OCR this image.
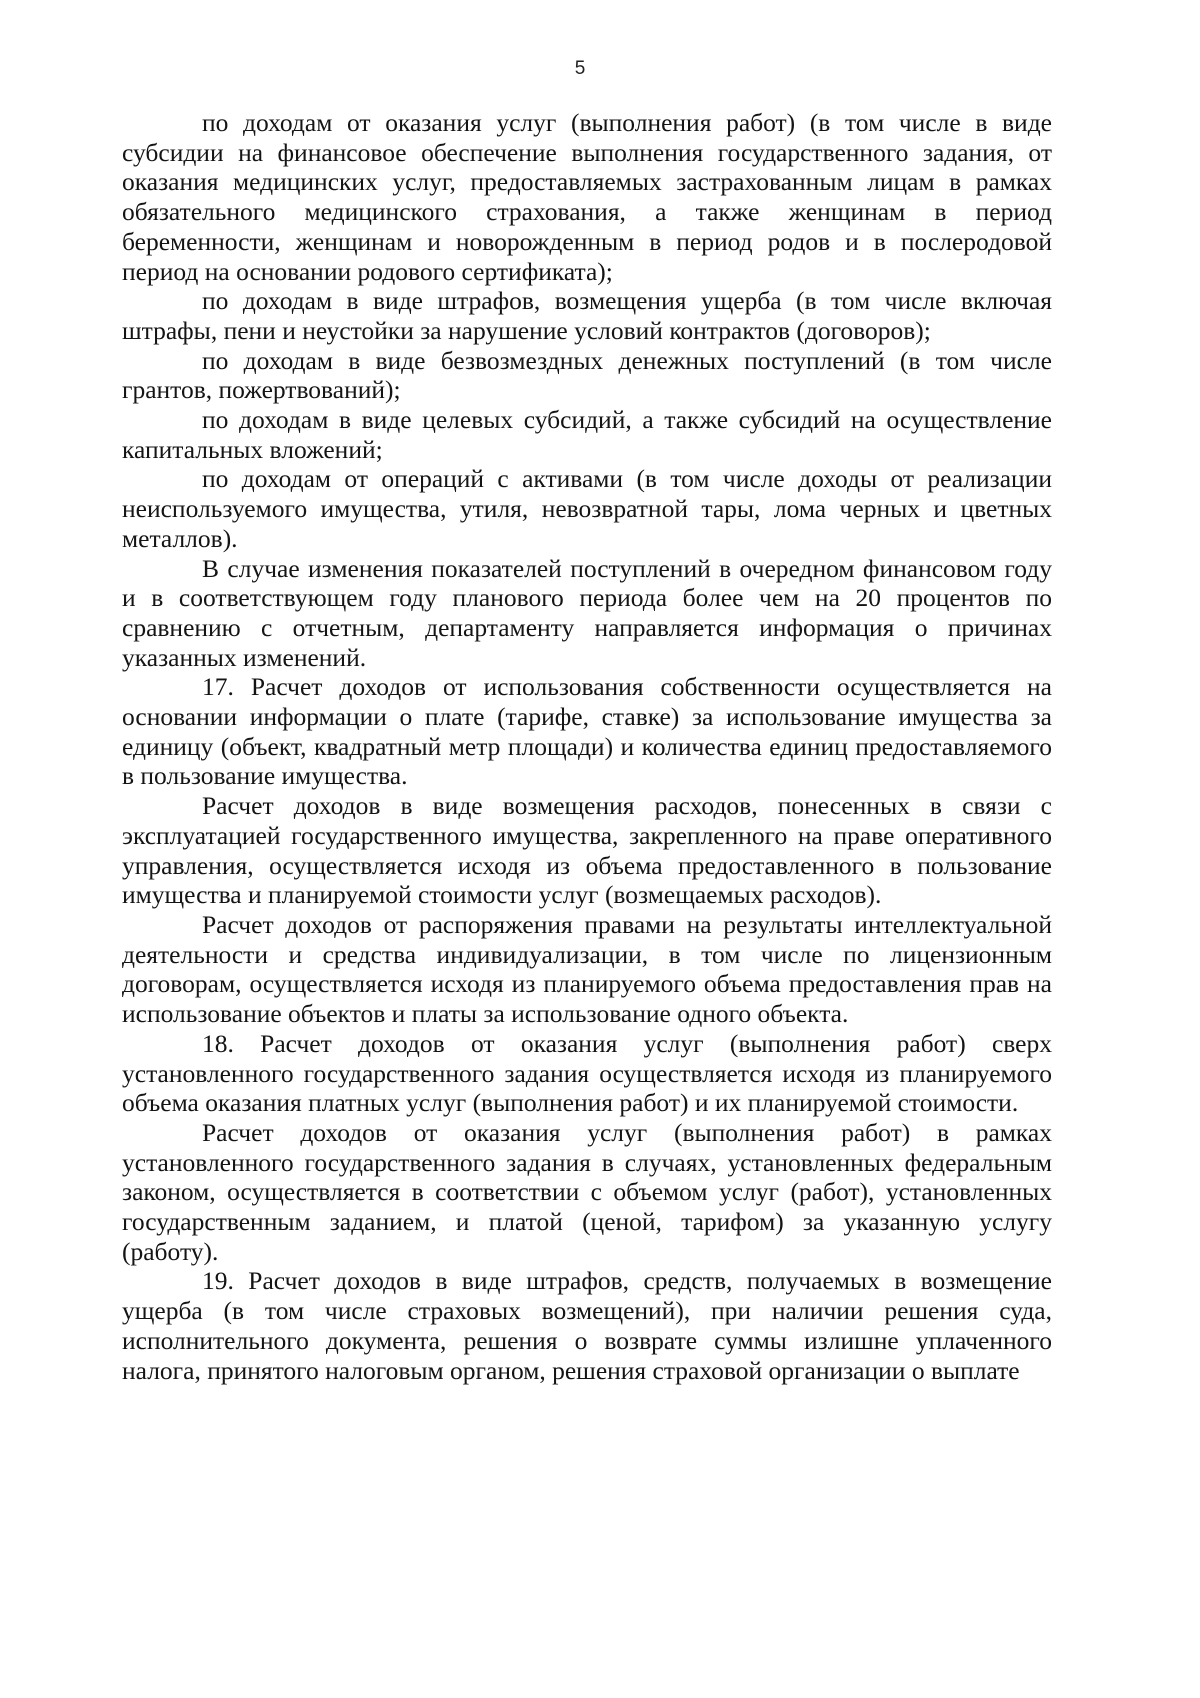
5

по доходам от оказания услуг (выполнения работ) (в том числе в виде субсидии на финансовое обеспечение выполнения государственного задания, от оказания медицинских услуг, предоставляемых застрахованным лицам в рамках обязательного медицинского страхования, а также женщинам в период беременности, женщинам и новорожденным в период родов и в послеродовой период на основании родового сертификата);

по доходам в виде штрафов, возмещения ущерба (в том числе включая штрафы, пени и неустойки за нарушение условий контрактов (договоров);

по доходам в виде безвозмездных денежных поступлений (в том числе грантов, пожертвований);

по доходам в виде целевых субсидий, а также субсидий на осуществление капитальных вложений;

по доходам от операций с активами (в том числе доходы от реализации неиспользуемого имущества, утиля, невозвратной тары, лома черных и цветных металлов).

В случае изменения показателей поступлений в очередном финансовом году и в соответствующем году планового периода более чем на 20 процентов по сравнению с отчетным, департаменту направляется информация о причинах указанных изменений.

17. Расчет доходов от использования собственности осуществляется на основании информации о плате (тарифе, ставке) за использование имущества за единицу (объект, квадратный метр площади) и количества единиц предоставляемого в пользование имущества.

Расчет доходов в виде возмещения расходов, понесенных в связи с эксплуатацией государственного имущества, закрепленного на праве оперативного управления, осуществляется исходя из объема предоставленного в пользование имущества и планируемой стоимости услуг (возмещаемых расходов).

Расчет доходов от распоряжения правами на результаты интеллектуальной деятельности и средства индивидуализации, в том числе по лицензионным договорам, осуществляется исходя из планируемого объема предоставления прав на использование объектов и платы за использование одного объекта.

18. Расчет доходов от оказания услуг (выполнения работ) сверх установленного государственного задания осуществляется исходя из планируемого объема оказания платных услуг (выполнения работ) и их планируемой стоимости.

Расчет доходов от оказания услуг (выполнения работ) в рамках установленного государственного задания в случаях, установленных федеральным законом, осуществляется в соответствии с объемом услуг (работ), установленных государственным заданием, и платой (ценой, тарифом) за указанную услугу (работу).

19. Расчет доходов в виде штрафов, средств, получаемых в возмещение ущерба (в том числе страховых возмещений), при наличии решения суда, исполнительного документа, решения о возврате суммы излишне уплаченного налога, принятого налоговым органом, решения страховой организации о выплате
